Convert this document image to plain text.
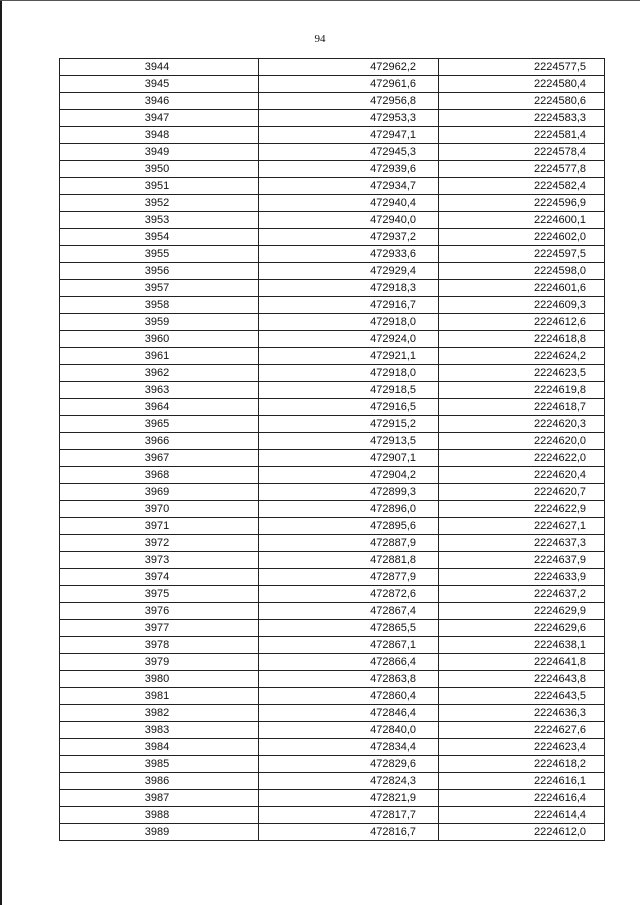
94
3944	472962,2	2224577,5
3945	472961,6	2224580,4
3946	472956,8	2224580,6
3947	472953,3	2224583,3
3948	472947,1	2224581,4
3949	472945,3	2224578,4
3950	472939,6	2224577,8
3951	472934,7	2224582,4
3952	472940,4	2224596,9
3953	472940,0	2224600,1
3954	472937,2	2224602,0
3955	472933,6	2224597,5
3956	472929,4	2224598,0
3957	472918,3	2224601,6
3958	472916,7	2224609,3
3959	472918,0	2224612,6
3960	472924,0	2224618,8
3961	472921,1	2224624,2
3962	472918,0	2224623,5
3963	472918,5	2224619,8
3964	472916,5	2224618,7
3965	472915,2	2224620,3
3966	472913,5	2224620,0
3967	472907,1	2224622,0
3968	472904,2	2224620,4
3969	472899,3	2224620,7
3970	472896,0	2224622,9
3971	472895,6	2224627,1
3972	472887,9	2224637,3
3973	472881,8	2224637,9
3974	472877,9	2224633,9
3975	472872,6	2224637,2
3976	472867,4	2224629,9
3977	472865,5	2224629,6
3978	472867,1	2224638,1
3979	472866,4	2224641,8
3980	472863,8	2224643,8
3981	472860,4	2224643,5
3982	472846,4	2224636,3
3983	472840,0	2224627,6
3984	472834,4	2224623,4
3985	472829,6	2224618,2
3986	472824,3	2224616,1
3987	472821,9	2224616,4
3988	472817,7	2224614,4
3989	472816,7	2224612,0
